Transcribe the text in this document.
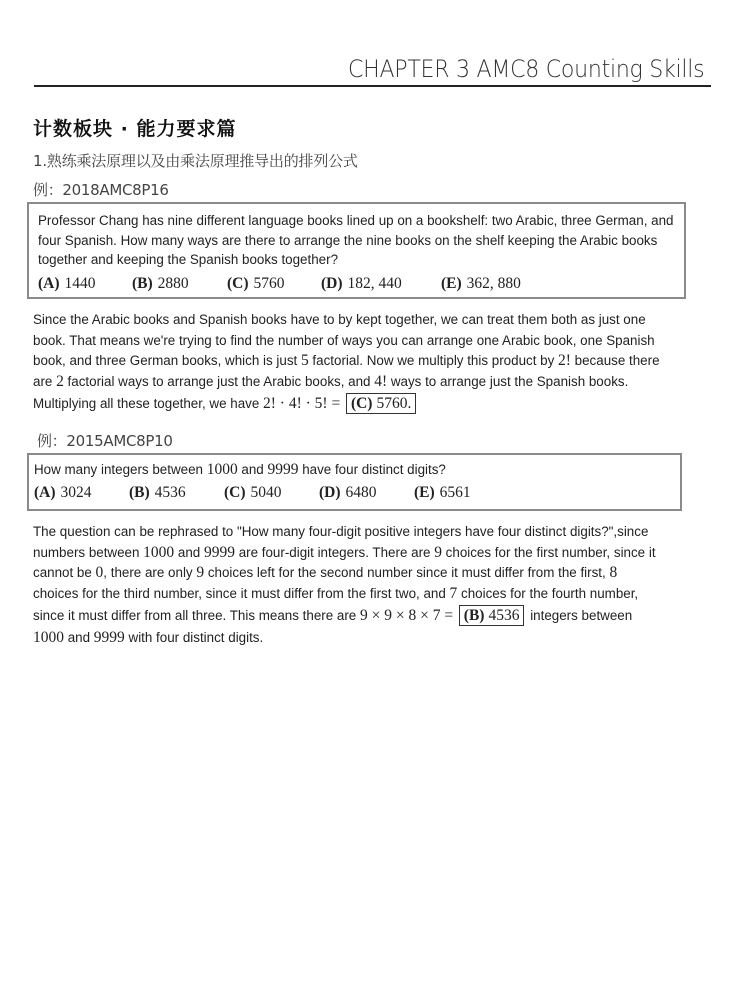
CHAPTER 3 AMC8 Counting Skills
计数板块 · 能力要求篇
1.熟练乘法原理以及由乘法原理推导出的排列公式
例：2018AMC8P16
Professor Chang has nine different language books lined up on a bookshelf: two Arabic, three German, and
four Spanish. How many ways are there to arrange the nine books on the shelf keeping the Arabic books
together and keeping the Spanish books together?
(A) 1440	(B) 2880	(C) 5760	(D) 182, 440	(E) 362, 880
Since the Arabic books and Spanish books have to by kept together, we can treat them both as just one
book. That means we're trying to find the number of ways you can arrange one Arabic book, one Spanish
book, and three German books, which is just 5 factorial. Now we multiply this product by 2! because there
are 2 factorial ways to arrange just the Arabic books, and 4! ways to arrange just the Spanish books.
Multiplying all these together, we have 2! · 4! · 5! = (C) 5760.
例：2015AMC8P10
How many integers between 1000 and 9999 have four distinct digits?
(A) 3024	(B) 4536	(C) 5040	(D) 6480	(E) 6561
The question can be rephrased to "How many four-digit positive integers have four distinct digits?",since
numbers between 1000 and 9999 are four-digit integers. There are 9 choices for the first number, since it
cannot be 0, there are only 9 choices left for the second number since it must differ from the first, 8
choices for the third number, since it must differ from the first two, and 7 choices for the fourth number,
since it must differ from all three. This means there are 9 × 9 × 8 × 7 = (B) 4536 integers between
1000 and 9999 with four distinct digits.
